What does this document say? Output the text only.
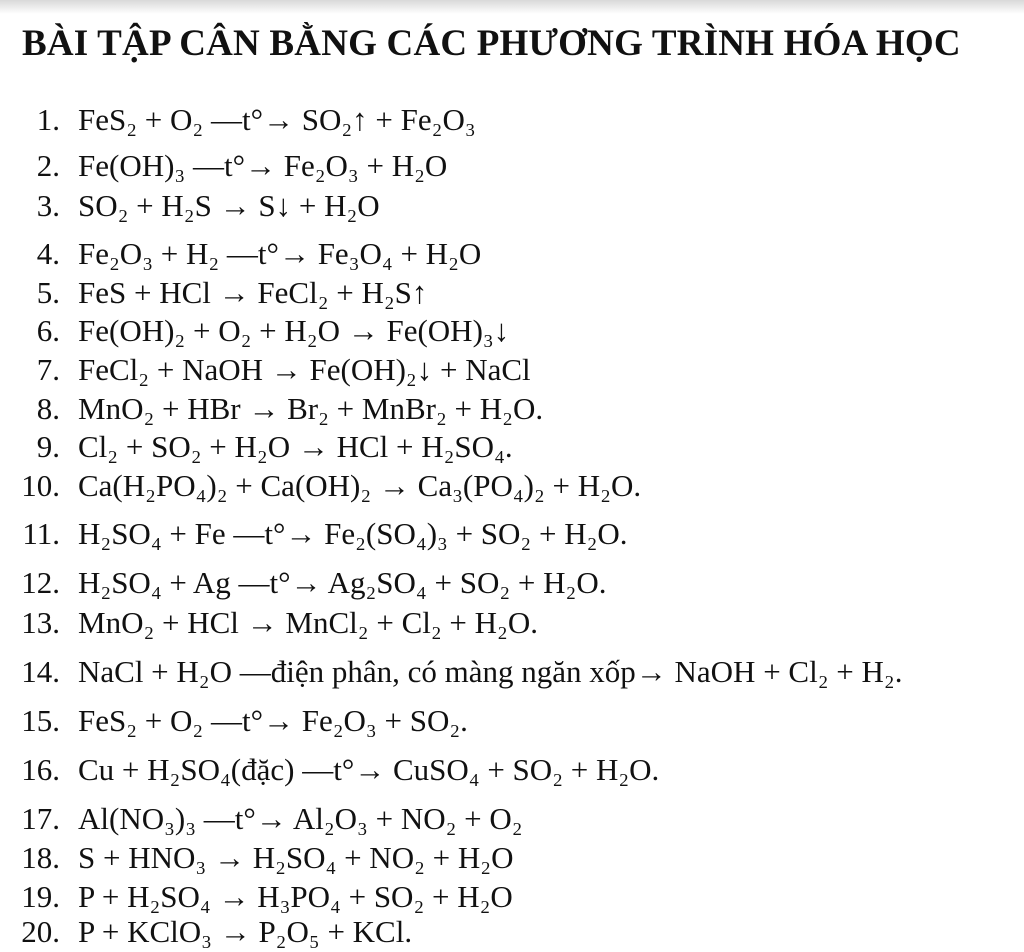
BÀI TẬP CÂN BẰNG CÁC PHƯƠNG TRÌNH HÓA HỌC
1. FeS₂ + O₂ —t°→ SO₂↑ + Fe₂O₃
2. Fe(OH)₃ —t°→ Fe₂O₃ + H₂O
3. SO₂ + H₂S → S↓ + H₂O
4. Fe₂O₃ + H₂ —t°→ Fe₃O₄ + H₂O
5. FeS + HCl → FeCl₂ + H₂S↑
6. Fe(OH)₂ + O₂ + H₂O → Fe(OH)₃↓
7. FeCl₂ + NaOH → Fe(OH)₂↓ + NaCl
8. MnO₂ + HBr → Br₂ + MnBr₂ + H₂O.
9. Cl₂ + SO₂ + H₂O → HCl + H₂SO₄.
10. Ca(H₂PO₄)₂ + Ca(OH)₂ → Ca₃(PO₄)₂ + H₂O.
11. H₂SO₄ + Fe —t°→ Fe₂(SO₄)₃ + SO₂ + H₂O.
12. H₂SO₄ + Ag —t°→ Ag₂SO₄ + SO₂ + H₂O.
13. MnO₂ + HCl → MnCl₂ + Cl₂ + H₂O.
14. NaCl + H₂O —điện phân, có màng ngăn xốp→ NaOH + Cl₂ + H₂.
15. FeS₂ + O₂ —t°→ Fe₂O₃ + SO₂.
16. Cu + H₂SO₄(đặc) —t°→ CuSO₄ + SO₂ + H₂O.
17. Al(NO₃)₃ —t°→ Al₂O₃ + NO₂ + O₂
18. S + HNO₃ → H₂SO₄ + NO₂ + H₂O
19. P + H₂SO₄ → H₃PO₄ + SO₂ + H₂O
20. P + KClO₃ → P₂O₅ + KCl.
